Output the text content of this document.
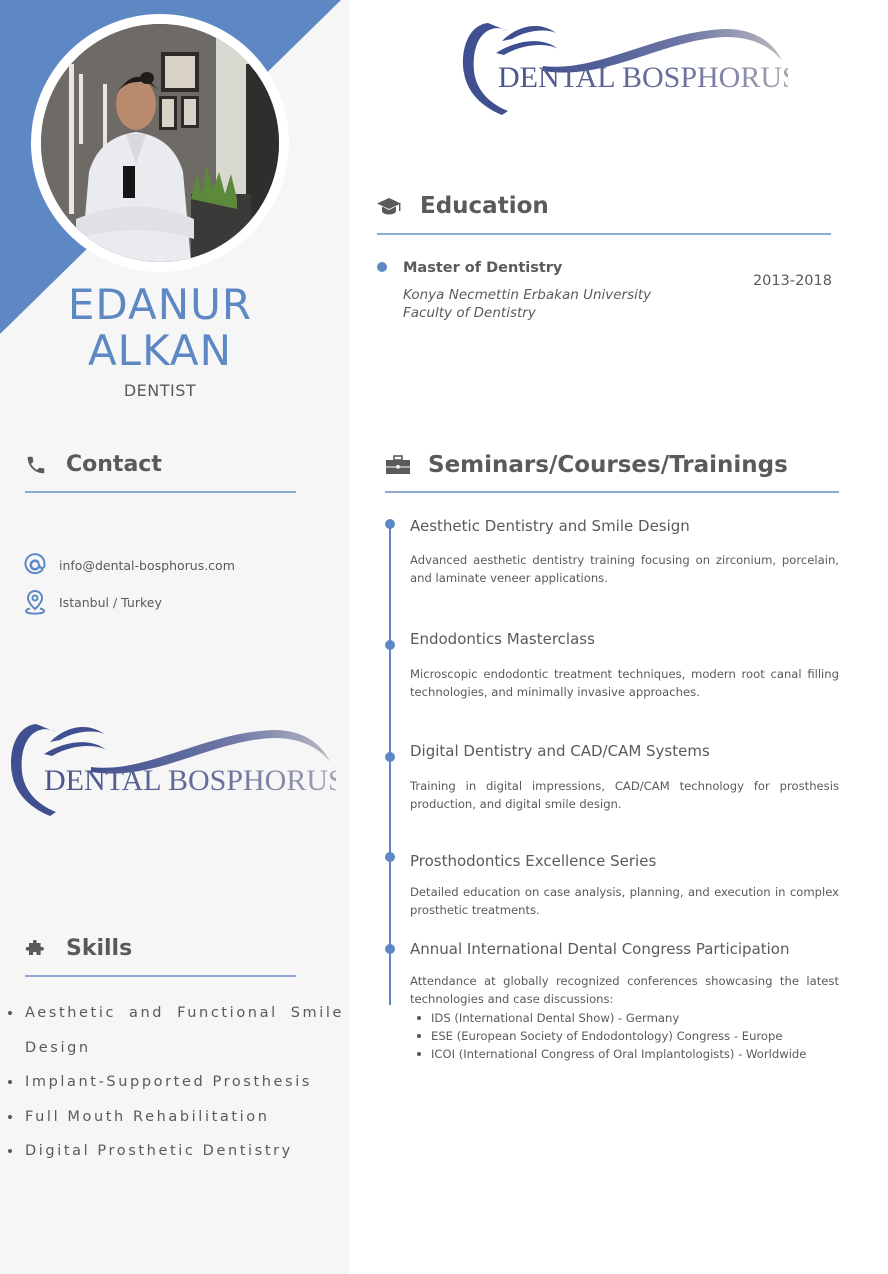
EDANUR
ALKAN
DENTIST
Contact
info@dental-bosphorus.com
Istanbul / Turkey
DENTAL BOSPHORUS
Skills
Aesthetic and Functional Smile Design
Implant-Supported Prosthesis
Full Mouth Rehabilitation
Digital Prosthetic Dentistry
DENTAL BOSPHORUS
Education
Master of Dentistry
Konya Necmettin Erbakan University
Faculty of Dentistry
2013-2018
Seminars/Courses/Trainings
Aesthetic Dentistry and Smile Design
Advanced aesthetic dentistry training focusing on zirconium, porcelain, and laminate veneer applications.
Endodontics Masterclass
Microscopic endodontic treatment techniques, modern root canal filling technologies, and minimally invasive approaches.
Digital Dentistry and CAD/CAM Systems
Training in digital impressions, CAD/CAM technology for prosthesis production, and digital smile design.
Prosthodontics Excellence Series
Detailed education on case analysis, planning, and execution in complex prosthetic treatments.
Annual International Dental Congress Participation
Attendance at globally recognized conferences showcasing the latest technologies and case discussions:
IDS (International Dental Show) - Germany
ESE (European Society of Endodontology) Congress - Europe
ICOI (International Congress of Oral Implantologists) - Worldwide
